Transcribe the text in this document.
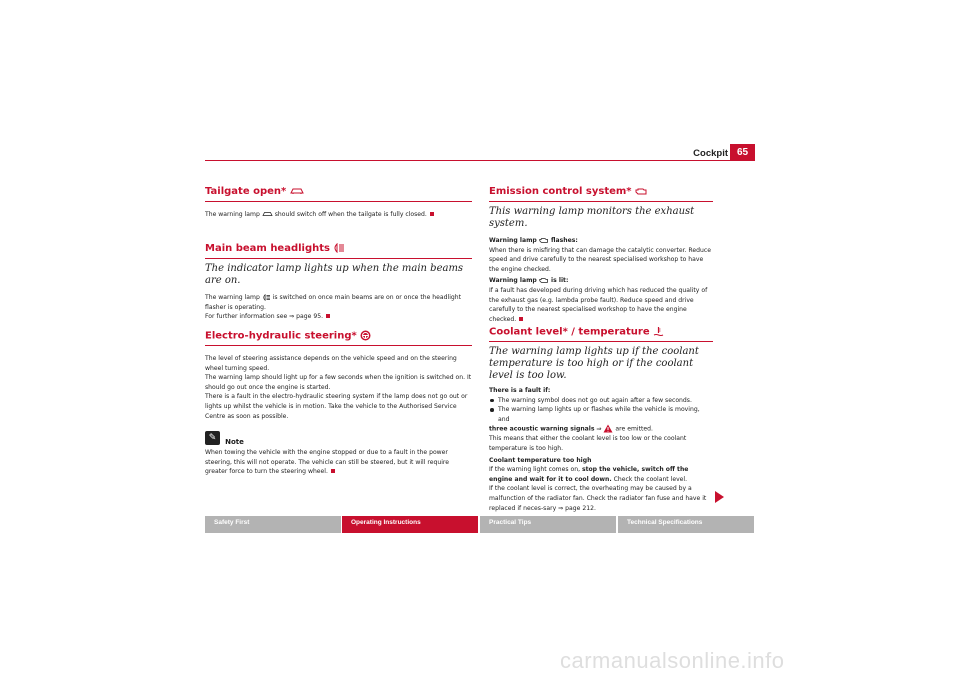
Cockpit 65
Tailgate open*

The warning lamp  should switch off when the tailgate is fully closed.

Main beam headlights
The indicator lamp lights up when the main beams are on.

The warning lamp  is switched on once main beams are on or once the headlight flasher is operating.

For further information see ⇒ page 95.

Electro-hydraulic steering*

The level of steering assistance depends on the vehicle speed and on the steering wheel turning speed.

The warning lamp should light up for a few seconds when the ignition is switched on. It should go out once the engine is started.

There is a fault in the electro-hydraulic steering system if the lamp does not go out or lights up whilst the vehicle is in motion. Take the vehicle to the Authorised Service Centre as soon as possible.

✎ Note

When towing the vehicle with the engine stopped or due to a fault in the power steering, this will not operate. The vehicle can still be steered, but it will require greater force to turn the steering wheel.

Emission control system*
This warning lamp monitors the exhaust system.

Warning lamp  flashes:

When there is misfiring that can damage the catalytic converter. Reduce speed and drive carefully to the nearest specialised workshop to have the engine checked.

Warning lamp  is lit:

If a fault has developed during driving which has reduced the quality of the exhaust gas (e.g. lambda probe fault). Reduce speed and drive carefully to the nearest specialised workshop to have the engine checked.

Coolant level* / temperature
The warning lamp lights up if the coolant temperature is too high or if the coolant level is too low.

There is a fault if:

The warning symbol does not go out again after a few seconds.

The warning lamp lights up or flashes while the vehicle is moving, and

three acoustic warning signals ⇒  are emitted.

This means that either the coolant level is too low or the coolant temperature is too high.

Coolant temperature too high

If the warning light comes on, stop the vehicle, switch off the engine and wait for it to cool down. Check the coolant level.

If the coolant level is correct, the overheating may be caused by a malfunction of the radiator fan. Check the radiator fan fuse and have it replaced if neces-sary ⇒ page 212.

Safety First	Operating Instructions	Practical Tips	Technical Specifications
carmanualsonline.info
